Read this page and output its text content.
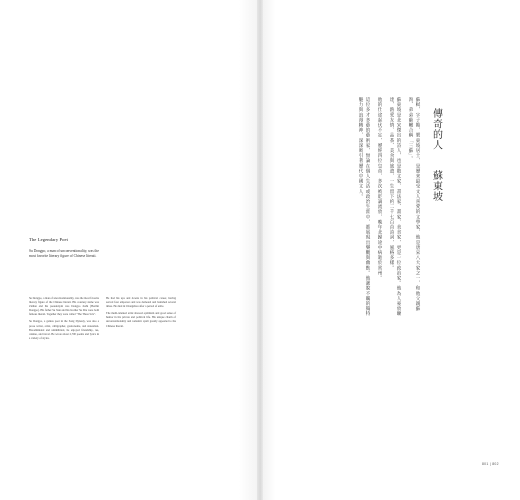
The Legendary Poet
Su Dongpo, a man of unconventionality, was the most favorite literary figure of Chinese literati.

Su Dongpo, a man of unconventionality, was the most favorite literary figure of the Chinese literati. His courtesy name was Zizhan and his pseudonym was Dongpo Jushi (Hermit Dongpo). His father Su Xun and his brother Su Zhe were both famous literati. Together they were called "The Three Su's".

Su Dongpo, a genius poet in the Song Dynasty, was also a prose writer, artist, calligrapher, gastronome, and statesman. Broadminded and uninhibited, he enjoyed friendship, tea, cuisine, and travel. He wrote about 2,700 poems and lyrics in a variety of styles.

He had his ups and downs in his political career, having served four emperors and was demoted and banished several times. He died in Changzhou after a period of exile.

The multi-talented artist showed optimism and good sense of humor in his private and political life. His unique charm of unconventionality and romantic spirit greatly appealed to the Chinese literati.

傳奇的人 蘇東坡

蘇軾，字子瞻，號東坡居士，是歷來最受文人喜愛的文學家，他是唐宋八大家之一，和他父親蘇洵、弟弟蘇轍合稱「三蘇」。

蘇東坡是北宋傑出的詩人，也是散文家、書法家、畫家、美食家，更是一位政治家。他為人豪放曠達，熱愛友情、品茶、美食與旅遊，一生留下約二千七百首詩詞，風格多樣。

他的仕途起伏不定，歷經四位皇帝，多次被貶謫流放，晚年北歸途中病逝於常州。

這位多才多藝的藝術家，無論在個人生活或政治生涯中，都展現出樂觀與幽默。他灑脫不羈的獨特魅力與浪漫精神，深深吸引著歷代中國文人。

801 | 802
